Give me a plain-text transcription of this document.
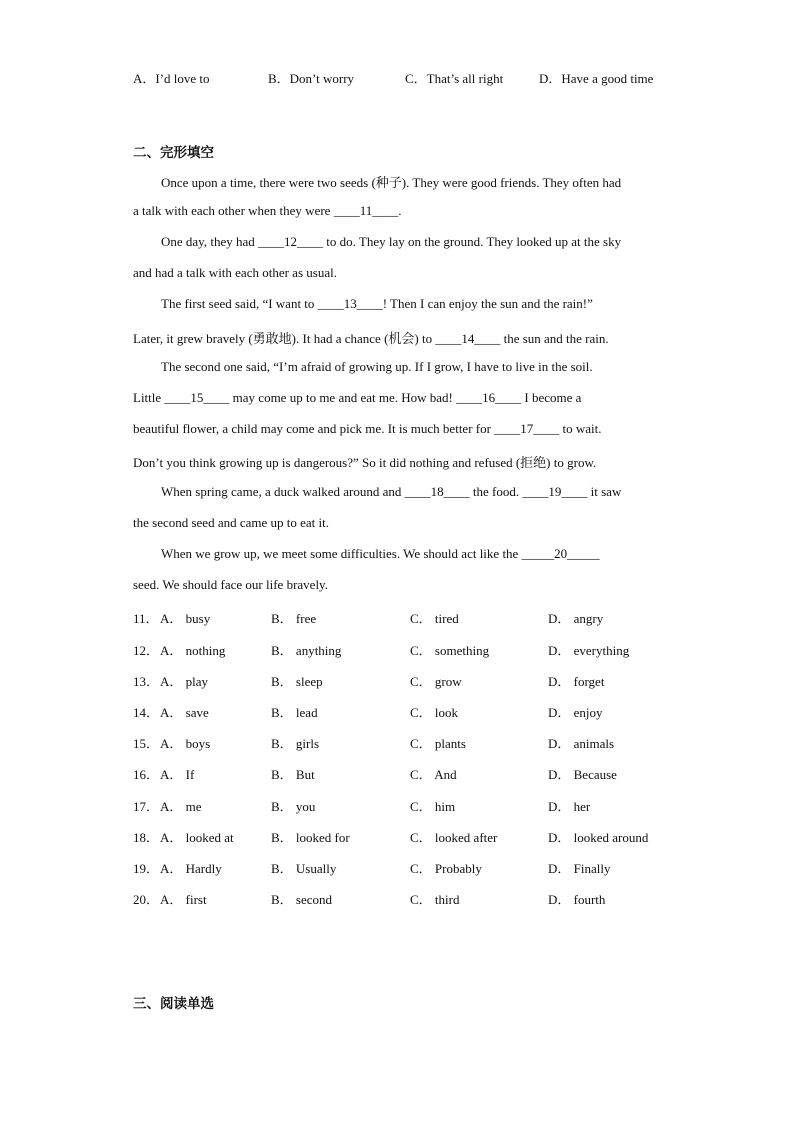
A．I’d love to	B．Don’t worry	C．That’s all right	D．Have a good time
二、完形填空
Once upon a time, there were two seeds (种子). They were good friends. They often had
a talk with each other when they were ____11____.
One day, they had ____12____ to do. They lay on the ground. They looked up at the sky
and had a talk with each other as usual.
The first seed said, “I want to ____13____! Then I can enjoy the sun and the rain!”
Later, it grew bravely (勇敢地). It had a chance (机会) to ____14____ the sun and the rain.
The second one said, “I’m afraid of growing up. If I grow, I have to live in the soil.
Little ____15____ may come up to me and eat me. How bad! ____16____ I become a
beautiful flower, a child may come and pick me. It is much better for ____17____ to wait.
Don’t you think growing up is dangerous?” So it did nothing and refused (拒绝) to grow.
When spring came, a duck walked around and ____18____ the food. ____19____ it saw
the second seed and came up to eat it.
When we grow up, we meet some difficulties. We should act like the _____20_____
seed. We should face our life bravely.
11． A． busy	B． free	C． tired	D． angry
12． A． nothing	B． anything	C． something	D． everything
13． A． play	B． sleep	C． grow	D． forget
14． A． save	B． lead	C． look	D． enjoy
15． A． boys	B． girls	C． plants	D． animals
16． A． If	B． But	C． And	D． Because
17． A． me	B． you	C． him	D． her
18． A． looked at	B． looked for	C． looked after	D． looked around
19． A． Hardly	B． Usually	C． Probably	D． Finally
20． A． first	B． second	C． third	D． fourth
三、阅读单选
